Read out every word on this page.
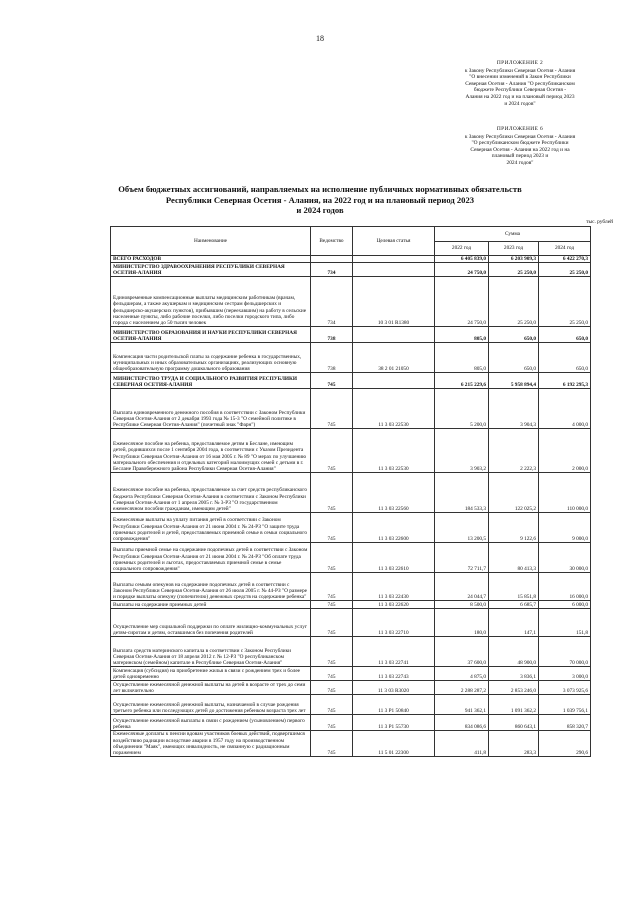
18
ПРИЛОЖЕНИЕ 2
к Закону Республики Северная Осетия - Алания
"О внесении изменений в Закон Республики
Северная Осетия - Алания "О республиканском
бюджете Республики Северная Осетия -
Алания на 2022 год и на плановый период 2023
и 2024 годов"
ПРИЛОЖЕНИЕ 6
к Закону Республики Северная Осетия - Алания
"О республиканском бюджете Республики
Северная Осетия - Алания на 2022 год и на
плановый период 2023 и
2024 годов"
Объем бюджетных ассигнований, направляемых на исполнение публичных нормативных обязательств
Республики Северная Осетия - Алания, на 2022 год и на плановый период 2023
и 2024 годов
тыс. рублей
Наименование	Ведомство	Целевая статья	Сумма		
			2022 год	2023 год	2024 год
ВСЕГО РАСХОДОВ			6 405 839,0	6 203 909,3	6 422 270,3
МИНИСТЕРСТВО ЗДРАВООХРАНЕНИЯ РЕСПУБЛИКИ СЕВЕРНАЯ ОСЕТИЯ-АЛАНИЯ	734		24 750,0	25 250,0	25 250,0
Единовременные компенсационные выплаты медицинским работникам (врачам, фельдшерам, а также акушеркам и медицинским сестрам фельдшерских и фельдшерско-акушерских пунктов), прибывшим (переехавшим) на работу в сельские населенные пункты, либо рабочие поселки, либо поселки городского типа, либо города с населением до 50 тысяч человек	734	10 3 01 R1380	24 750,0	25 250,0	25 250,0
МИНИСТЕРСТВО ОБРАЗОВАНИЯ И НАУКИ РЕСПУБЛИКИ СЕВЕРНАЯ ОСЕТИЯ-АЛАНИЯ	738		805,0	650,0	650,0
Компенсация части родительской платы за содержание ребенка в государственных, муниципальных и иных образовательных организациях, реализующих основную общеобразовательную программу дошкольного образования	738	38 2 01 21050	805,0	650,0	650,0
МИНИСТЕРСТВО ТРУДА И СОЦИАЛЬНОГО РАЗВИТИЯ РЕСПУБЛИКИ СЕВЕРНАЯ ОСЕТИЯ-АЛАНИЯ	745		6 215 229,6	5 958 894,4	6 192 295,3
Выплата единовременного денежного пособия в соответствии с Законом Республики Северная Осетия-Алания от 2 декабря 1993 года № 15-3 "О семейной политике в Республике Северная Осетия-Алания" (почетный знак "Фарн")	745	11 3 03 22530	5 200,0	3 904,3	4 000,0
Ежемесячное пособие на ребенка, предоставляемое детям в Беслане, имеющим детей, родившихся после 1 сентября 2004 года, в соответствии с Указом Президента Республики Северная Осетия-Алания от 16 мая 2005 г. № 89 "О мерах по улучшению материального обеспечения и отдельных категорий малоимущих семей с детьми в г. Беслане Правобережного района Республики Северная Осетия-Алания"	745	11 3 03 22530	3 903,2	2 222,3	2 000,0
Ежемесячное пособие на ребенка, предоставляемое за счет средств республиканского бюджета Республики Северная Осетия-Алания в соответствии с Законом Республики Северная Осетия-Алания от 1 апреля 2005 г. № 3-РЗ "О государственном ежемесячном пособии гражданам, имеющим детей"	745	11 3 03 22560	184 533,3	122 025,2	110 000,0
Ежемесячные выплаты на уплату питания детей в соответствии с Законом Республики Северная Осетия-Алания от 21 июня 2004 г. № 24-РЗ "О защите труда приемных родителей и детей, предоставляемых приемной семье в семьи социального сопровождения"	745	11 3 03 22600	13 200,5	9 122,6	9 000,0
Выплаты приемной семье на содержание подопечных детей в соответствии с Законом Республики Северная Осетия-Алания от 21 июня 2004 г. № 24-РЗ "Об оплате труда приемных родителей и льготах, предоставляемых приемной семье в семье социального сопровождения"	745	11 3 03 22610	72 711,7	80 413,3	30 000,0
Выплаты семьям опекунов на содержание подопечных детей в соответствии с Законом Республики Северная Осетия-Алания от 26 июля 2005 г. № 44-РЗ "О размере и порядке выплаты опекуну (попечителю) денежных средств на содержание ребенка"	745	11 3 03 22430	24 044,7	15 851,8	16 000,0
Выплаты на содержание приемных детей	745	11 3 03 22620	8 500,0	6 685,7	6 000,0
Осуществление мер социальной поддержки по оплате жилищно-коммунальных услуг детям-сиротам и детям, оставшимся без попечения родителей	745	11 3 03 22710	180,0	147,1	151,8
Выплата средств материнского капитала в соответствии с Законом Республики Северная Осетия-Алания от 18 апреля 2012 г. № 12-РЗ "О республиканском материнском (семейном) капитале в Республике Северная Осетия-Алания"	745	11 3 03 22741	37 600,0	48 900,0	70 000,0
Компенсация (субсидия) на приобретение жилья в связи с рождением трех и более детей одновременно	745	11 3 03 22743	4 875,0	3 836,1	3 000,0
Осуществление ежемесячной денежной выплаты на детей в возрасте от трех до семи лет включительно	745	11 3 03 R3020	2 288 287,2	2 853 246,0	3 073 925,6
Осуществление ежемесячной денежной выплаты, назначаемой в случае рождения третьего ребенка или последующих детей до достижения ребенком возраста трех лет	745	11 3 P1 50840	941 362,1	1 091 362,2	1 039 756,1
Осуществление ежемесячной выплаты в связи с рождением (усыновлением) первого ребенка	745	11 3 P1 55730	834 086,6	860 643,1	858 320,7
Ежемесячные доплаты к пенсии вдовам участников боевых действий, подвергшимся воздействию радиации вследствие аварии в 1957 году на производственном объединении "Маяк", имеющих инвалидность, не связанную с радиационным поражением	745	11 5 01 22300	411,8	283,3	290,6
